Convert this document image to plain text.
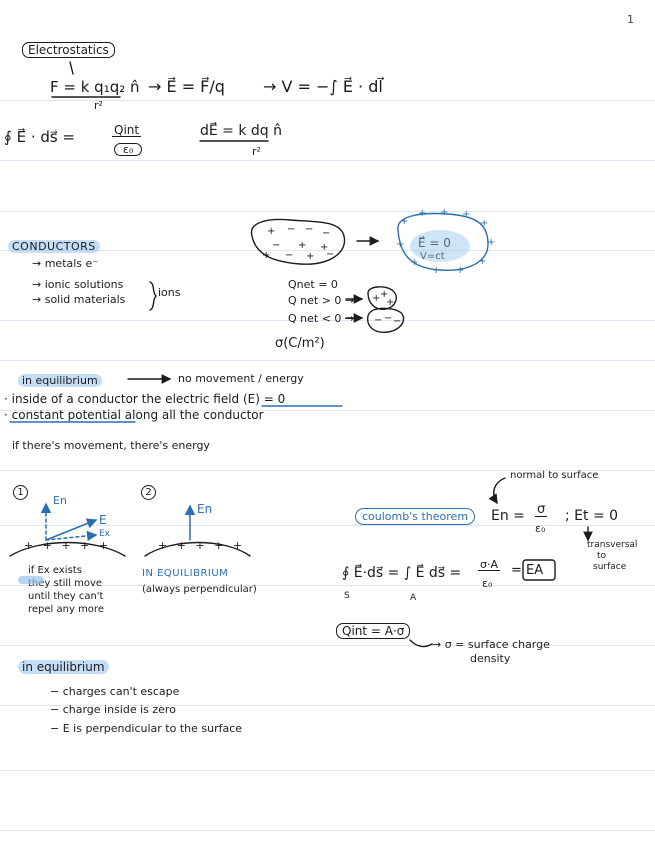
1
Electrostatics
F = k q₁q₂ n̂
r²
→ E⃗ = F⃗/q → V = −∫ E⃗ · dl⃗
∮ E⃗ · ds⃗ =	Qint
ε₀
dE⃗ = k dq n̂
r²
CONDUCTORS
→ metals e⁻
→ ionic solutions
→ solid materials
ions
Qnet = 0
Q net > 0 →
Q net < 0 →
σ(C/m²)
in equilibrium	no movement / energy
· inside of a conductor the electric field (E) = 0
· constant potential along all the conductor
if there's movement, there's energy
1	2
En
E
Ex
En
+ + + + +	+ + + + +
if Ex exists
they still move
until they can't
repel any more
IN EQUILIBRIUM
(always perpendicular)
normal to surface
coulomb's theorem	En = σ
ε₀
; Et = 0
transversal
to
surface
∮ E⃗·ds⃗ = ∫ E⃗ ds⃗ =
σ·A
ε₀
= EA
S	A
Qint = A·σ
→ σ = surface charge
density
in equilibrium
− charges can't escape
− charge inside is zero
− E is perpendicular to the surface
+ − − −
− + +
+ − + −
+ +
+
− − −
+
+ + +
+
+
+
+
+
+
+
